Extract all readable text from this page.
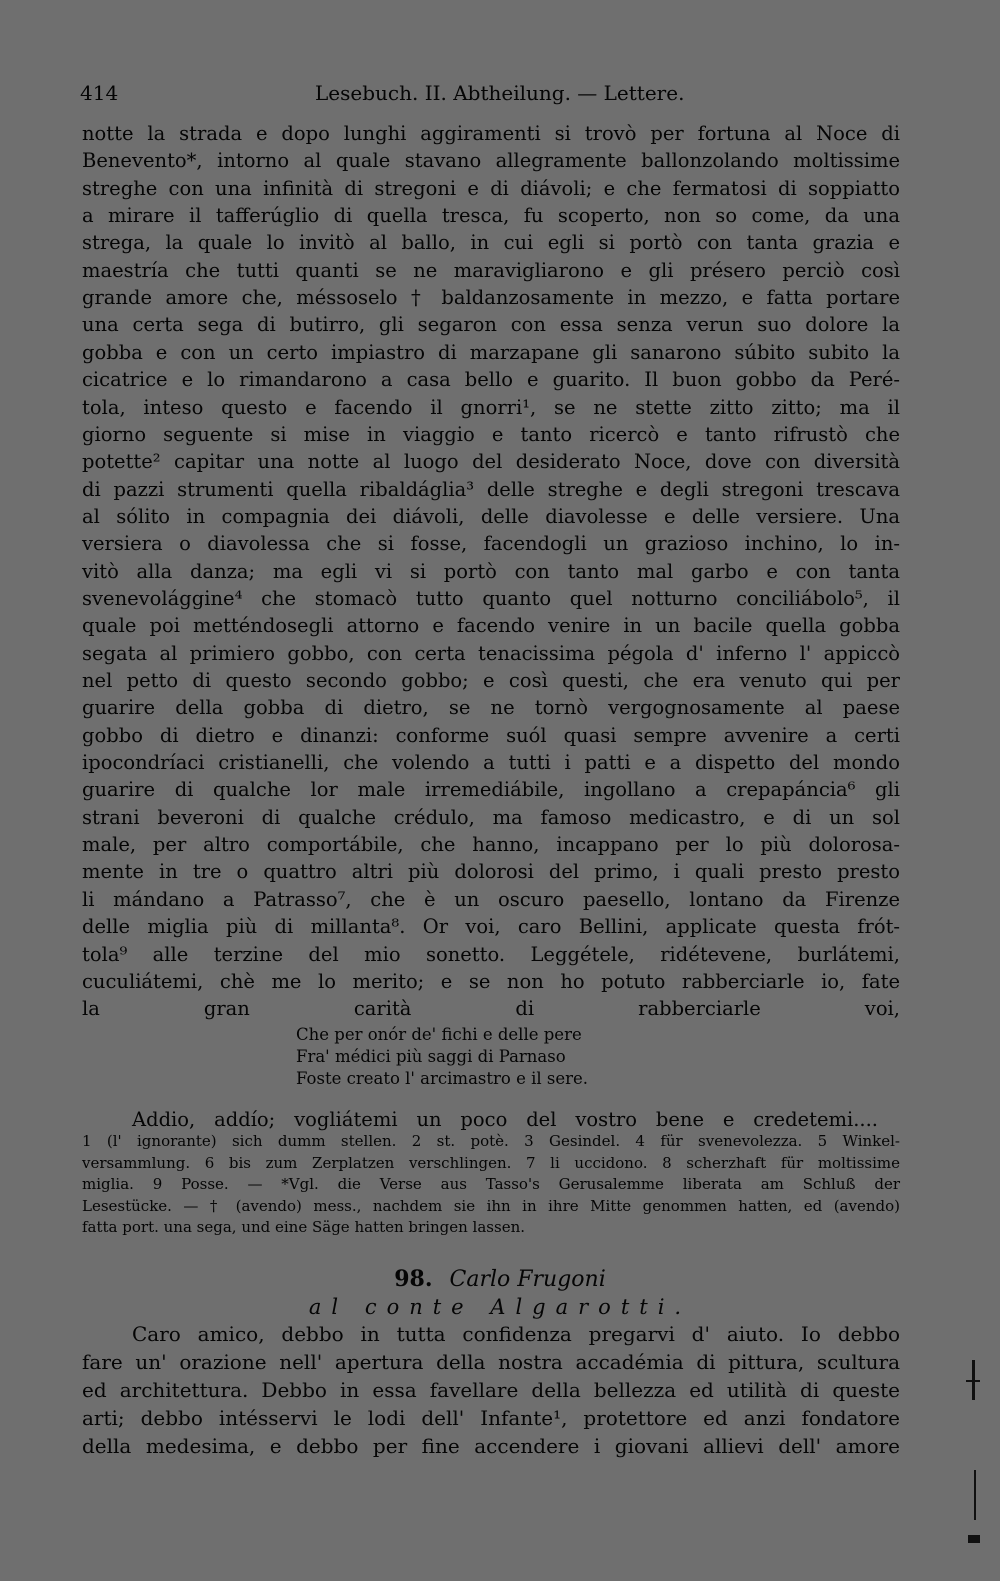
414	Lesebuch. II. Abtheilung. — Lettere.
notte la strada e dopo lunghi aggiramenti si trovò per fortuna al Noce di
Benevento*, intorno al quale stavano allegramente ballonzolando moltissime
streghe con una infinità di stregoni e di diávoli; e che fermatosi di soppiatto
a mirare il tafferúglio di quella tresca, fu scoperto, non so come, da una
strega, la quale lo invitò al ballo, in cui egli si portò con tanta grazia e
maestría che tutti quanti se ne maravigliarono e gli présero perciò così
grande amore che, méssoselo † baldanzosamente in mezzo, e fatta portare
una certa sega di butirro, gli segaron con essa senza verun suo dolore la
gobba e con un certo impiastro di marzapane gli sanarono súbito subito la
cicatrice e lo rimandarono a casa bello e guarito. Il buon gobbo da Peré-
tola, inteso questo e facendo il gnorri¹, se ne stette zitto zitto; ma il
giorno seguente si mise in viaggio e tanto ricercò e tanto rifrustò che
potette² capitar una notte al luogo del desiderato Noce, dove con diversità
di pazzi strumenti quella ribaldáglia³ delle streghe e degli stregoni trescava
al sólito in compagnia dei diávoli, delle diavolesse e delle versiere. Una
versiera o diavolessa che si fosse, facendogli un grazioso inchino, lo in-
vitò alla danza; ma egli vi si portò con tanto mal garbo e con tanta
svenevolággine⁴ che stomacò tutto quanto quel notturno conciliábolo⁵, il
quale poi metténdosegli attorno e facendo venire in un bacile quella gobba
segata al primiero gobbo, con certa tenacissima pégola d' inferno l' appiccò
nel petto di questo secondo gobbo; e così questi, che era venuto qui per
guarire della gobba di dietro, se ne tornò vergognosamente al paese
gobbo di dietro e dinanzi: conforme suól quasi sempre avvenire a certi
ipocondríaci cristianelli, che volendo a tutti i patti e a dispetto del mondo
guarire di qualche lor male irremediábile, ingollano a crepapáncia⁶ gli
strani beveroni di qualche crédulo, ma famoso medicastro, e di un sol
male, per altro comportábile, che hanno, incappano per lo più dolorosa-
mente in tre o quattro altri più dolorosi del primo, i quali presto presto
li mándano a Patrasso⁷, che è un oscuro paesello, lontano da Firenze
delle miglia più di millanta⁸. Or voi, caro Bellini, applicate questa frót-
tola⁹ alle terzine del mio sonetto. Leggétele, ridétevene, burlátemi,
cuculiátemi, chè me lo merito; e se non ho potuto rabberciarle io, fate
la gran carità di rabberciarle voi,
Che per onór de' fichi e delle pere
Fra' médici più saggi di Parnaso
Foste creato l' arcimastro e il sere.
Addio, addío; vogliátemi un poco del vostro bene e credetemi....
1 (l' ignorante) sich dumm stellen. 2 st. potè. 3 Gesindel. 4 für svenevolezza. 5 Winkel-
versammlung. 6 bis zum Zerplatzen verschlingen. 7 li uccidono. 8 scherzhaft für moltissime
miglia. 9 Posse. — *Vgl. die Verse aus Tasso's Gerusalemme liberata am Schluß der
Lesestücke. — † (avendo) mess., nachdem sie ihn in ihre Mitte genommen hatten, ed (avendo)
fatta port. una sega, und eine Säge hatten bringen lassen.
98. Carlo Frugoni
al conte Algarotti.
Caro amico, debbo in tutta confidenza pregarvi d' aiuto. Io debbo
fare un' orazione nell' apertura della nostra accadémia di pittura, scultura
ed architettura. Debbo in essa favellare della bellezza ed utilità di queste
arti; debbo intésservi le lodi dell' Infante¹, protettore ed anzi fondatore
della medesima, e debbo per fine accendere i giovani allievi dell' amore
